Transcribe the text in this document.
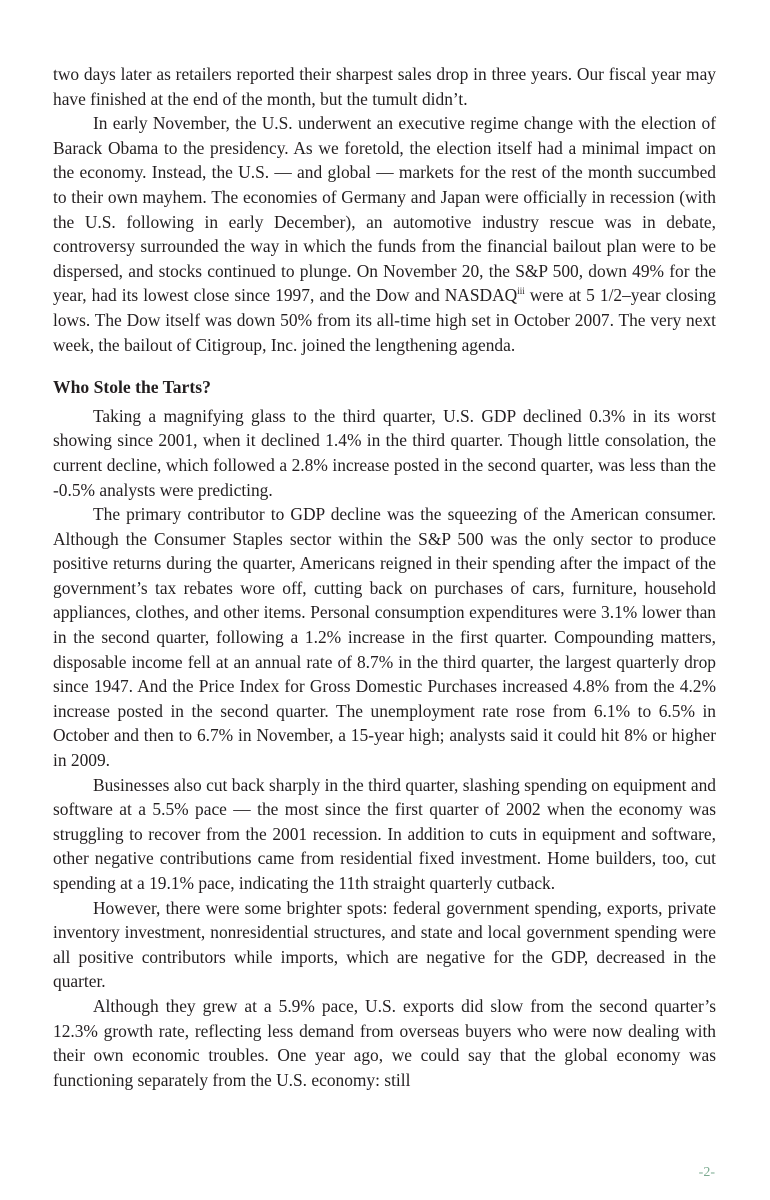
two days later as retailers reported their sharpest sales drop in three years. Our fiscal year may have finished at the end of the month, but the tumult didn’t.

In early November, the U.S. underwent an executive regime change with the election of Barack Obama to the presidency. As we foretold, the election itself had a minimal impact on the economy. Instead, the U.S. — and global — markets for the rest of the month succumbed to their own mayhem. The economies of Germany and Japan were officially in recession (with the U.S. following in early December), an automotive industry rescue was in debate, controversy surrounded the way in which the funds from the financial bailout plan were to be dispersed, and stocks continued to plunge. On November 20, the S&P 500, down 49% for the year, had its lowest close since 1997, and the Dow and NASDAQ$^{iii}$ were at 5 1/2–year closing lows. The Dow itself was down 50% from its all-time high set in October 2007. The very next week, the bailout of Citigroup, Inc. joined the lengthening agenda.

Who Stole the Tarts?

Taking a magnifying glass to the third quarter, U.S. GDP declined 0.3% in its worst showing since 2001, when it declined 1.4% in the third quarter. Though little consolation, the current decline, which followed a 2.8% increase posted in the second quarter, was less than the -0.5% analysts were predicting.

The primary contributor to GDP decline was the squeezing of the American consumer. Although the Consumer Staples sector within the S&P 500 was the only sector to produce positive returns during the quarter, Americans reigned in their spending after the impact of the government’s tax rebates wore off, cutting back on purchases of cars, furniture, household appliances, clothes, and other items. Personal consumption expenditures were 3.1% lower than in the second quarter, following a 1.2% increase in the first quarter. Compounding matters, disposable income fell at an annual rate of 8.7% in the third quarter, the largest quarterly drop since 1947. And the Price Index for Gross Domestic Purchases increased 4.8% from the 4.2% increase posted in the second quarter. The unemployment rate rose from 6.1% to 6.5% in October and then to 6.7% in November, a 15-year high; analysts said it could hit 8% or higher in 2009.

Businesses also cut back sharply in the third quarter, slashing spending on equipment and software at a 5.5% pace — the most since the first quarter of 2002 when the economy was struggling to recover from the 2001 recession. In addition to cuts in equipment and software, other negative contributions came from residential fixed investment. Home builders, too, cut spending at a 19.1% pace, indicating the 11th straight quarterly cutback.

However, there were some brighter spots: federal government spending, exports, private inventory investment, nonresidential structures, and state and local government spending were all positive contributors while imports, which are negative for the GDP, decreased in the quarter.

Although they grew at a 5.9% pace, U.S. exports did slow from the second quarter’s 12.3% growth rate, reflecting less demand from overseas buyers who were now dealing with their own economic troubles. One year ago, we could say that the global economy was functioning separately from the U.S. economy: still

-2-
